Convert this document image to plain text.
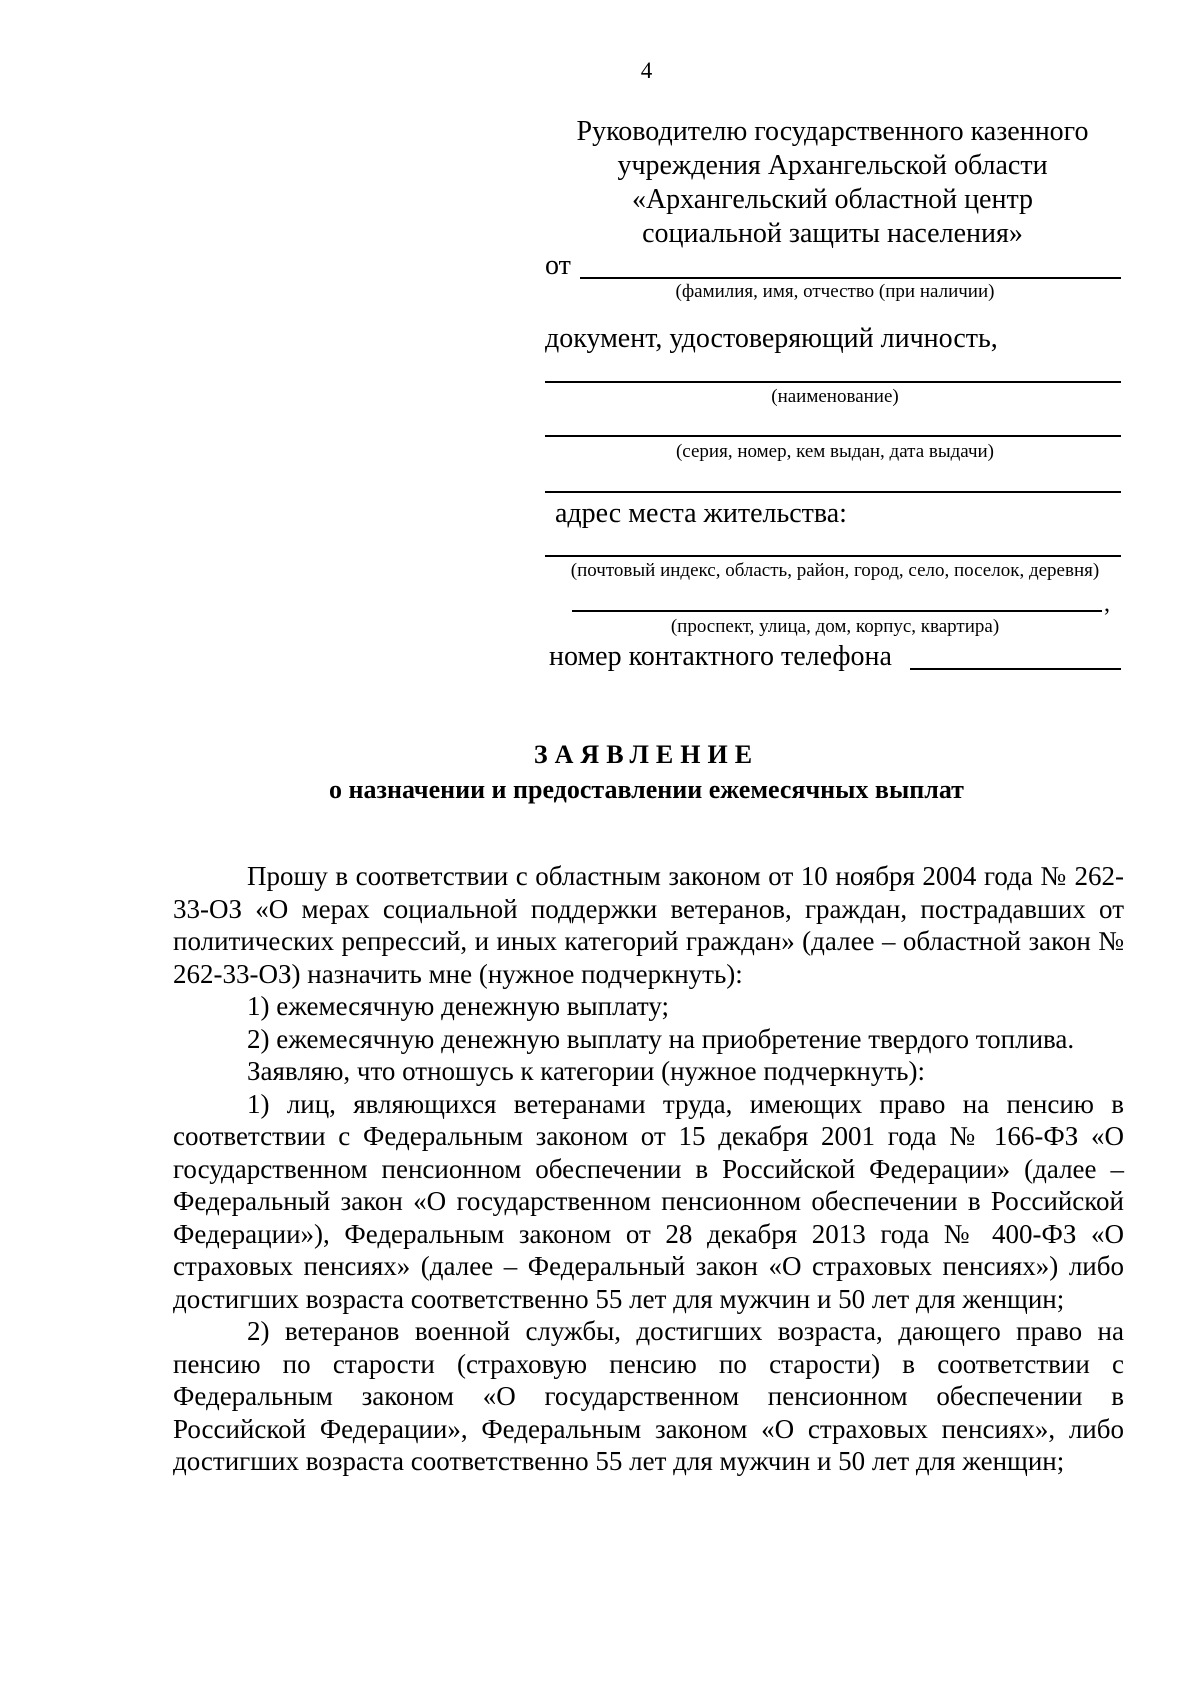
4
Руководителю государственного казенного
учреждения Архангельской области
«Архангельский областной центр
социальной защиты населения»
от
(фамилия, имя, отчество (при наличии)
документ, удостоверяющий личность,
(наименование)
(серия, номер, кем выдан, дата выдачи)
адрес места жительства:
(почтовый индекс, область, район, город, село, поселок, деревня)
,
(проспект, улица, дом, корпус, квартира)
номер контактного телефона
ЗАЯВЛЕНИЕ
о назначении и предоставлении ежемесячных выплат

Прошу в соответствии с областным законом от 10 ноября 2004 года № 262-33-ОЗ «О мерах социальной поддержки ветеранов, граждан, пострадавших от политических репрессий, и иных категорий граждан» (далее – областной закон № 262-33-ОЗ) назначить мне (нужное подчеркнуть):

1) ежемесячную денежную выплату;

2) ежемесячную денежную выплату на приобретение твердого топлива.

Заявляю, что отношусь к категории (нужное подчеркнуть):

1) лиц, являющихся ветеранами труда, имеющих право на пенсию в соответствии с Федеральным законом от 15 декабря 2001 года № 166-ФЗ «О государственном пенсионном обеспечении в Российской Федерации» (далее – Федеральный закон «О государственном пенсионном обеспечении в Российской Федерации»), Федеральным законом от 28 декабря 2013 года № 400-ФЗ «О страховых пенсиях» (далее – Федеральный закон «О страховых пенсиях») либо достигших возраста соответственно 55 лет для мужчин и 50 лет для женщин;

2) ветеранов военной службы, достигших возраста, дающего право на пенсию по старости (страховую пенсию по старости) в соответствии с Федеральным законом «О государственном пенсионном обеспечении в Российской Федерации», Федеральным законом «О страховых пенсиях», либо достигших возраста соответственно 55 лет для мужчин и 50 лет для женщин;
